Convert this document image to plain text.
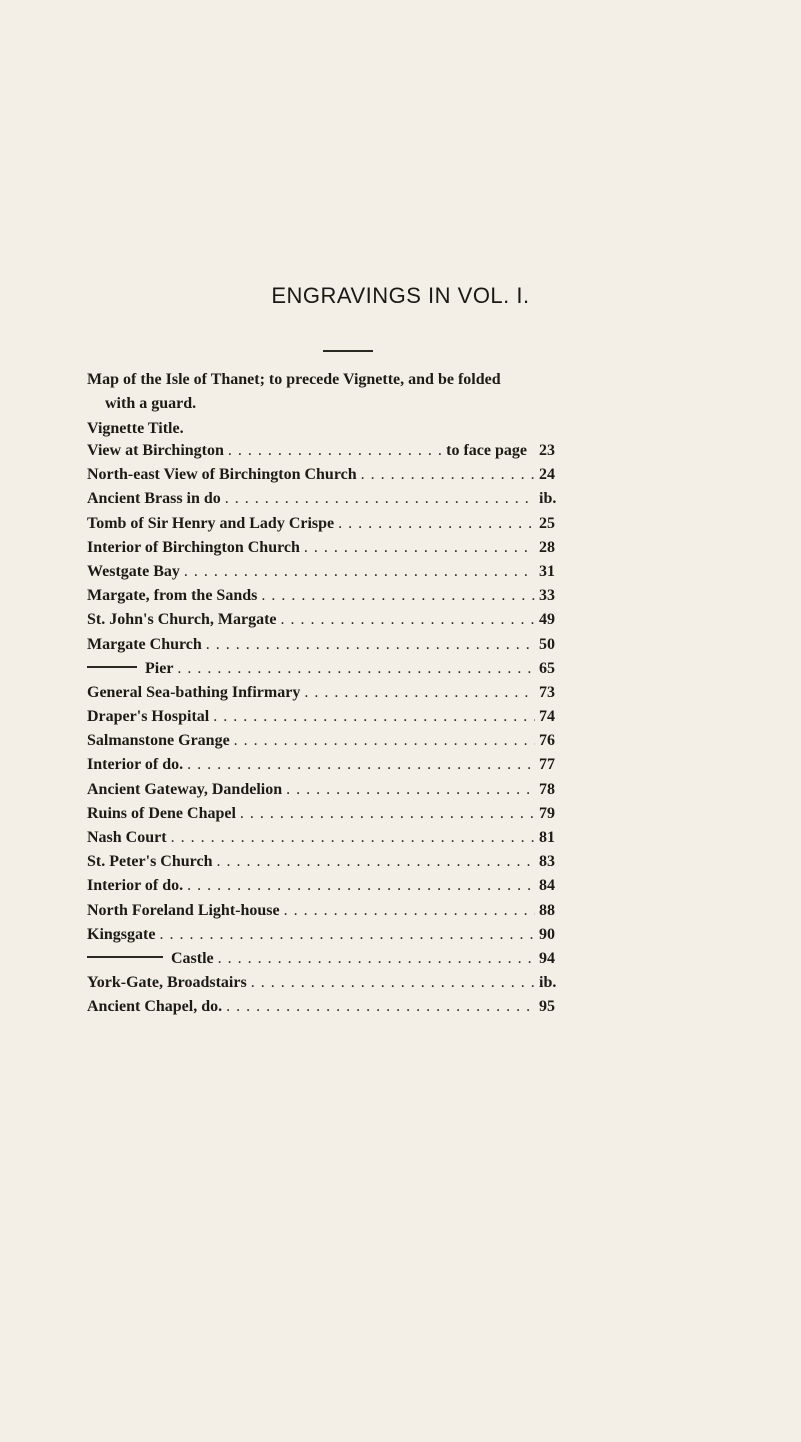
ENGRAVINGS IN VOL. I.
Map of the Isle of Thanet; to precede Vignette, and be folded
with a guard.
Vignette Title.
View at Birchington . . .	to face page 23
North-east View of Birchington Church . . .	24
Ancient Brass in do . . .	ib.
Tomb of Sir Henry and Lady Crispe . . .	25
Interior of Birchington Church . . .	28
Westgate Bay . . .	31
Margate, from the Sands . . .	33
St. John's Church, Margate . . .	49
Margate Church . . .	50
Pier . . .	65
General Sea-bathing Infirmary . . .	73
Draper's Hospital . . .	74
Salmanstone Grange . . .	76
Interior of do. . . .	77
Ancient Gateway, Dandelion . . .	78
Ruins of Dene Chapel . . .	79
Nash Court . . .	81
St. Peter's Church . . .	83
Interior of do. . . .	84
North Foreland Light-house . . .	88
Kingsgate . . .	90
Castle . . .	94
York-Gate, Broadstairs . . .	ib.
Ancient Chapel, do. . . .	95
